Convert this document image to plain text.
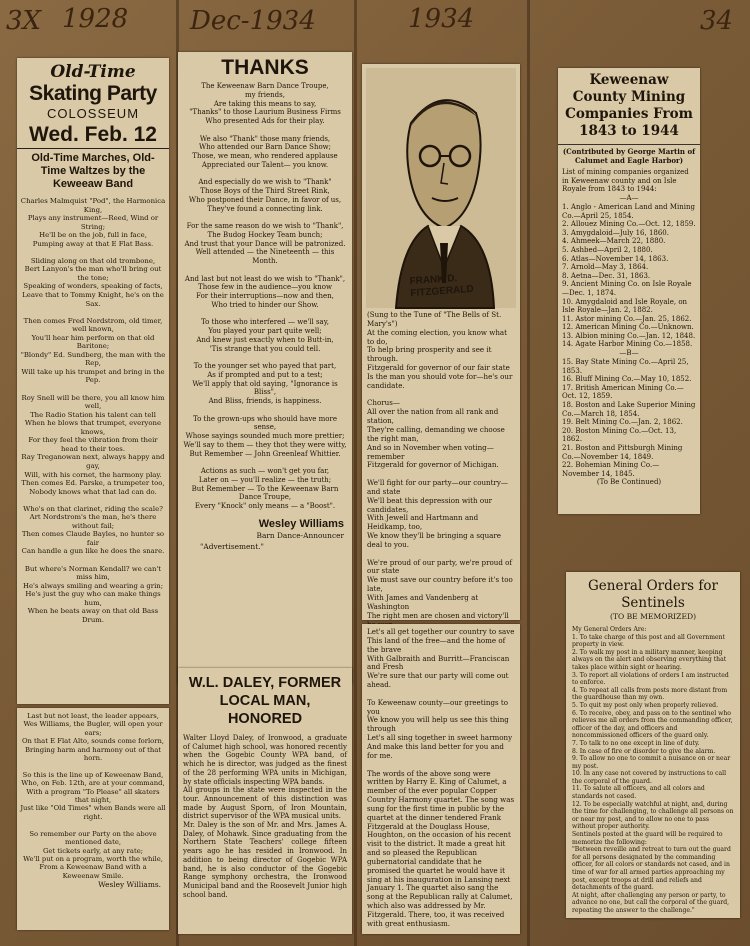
3X 1928 Dec-1934	1934	34

Old-Time

Skating Party

COLOSSEUM

Wed. Feb. 12

Old-Time Marches, Old-Time Waltzes by the Keweeaw Band

Charles Malmquist "Pod", the Harmonica King,
Plays any instrument—Reed, Wind or String;
He'll be on the job, full in face,
Pumping away at that E Flat Bass.

Sliding along on that old trombone,
Bert Lanyon's the man who'll bring out the tone;
Speaking of wonders, speaking of facts,
Leave that to Tommy Knight, he's on the Sax.

Then comes Fred Nordstrom, old timer, well known,
You'll hear him perform on that old Baritone;
"Blondy" Ed. Sundberg, the man with the Rep,
Will take up his trumpet and bring in the Pep.

Roy Snell will be there, you all know him well,
The Radio Station his talent can tell
When he blows that trumpet, everyone knows,
For they feel the vibration from their head to their toes.
Ray Treganowan next, always happy and gay,
Will, with his cornet, the harmony play.
Then comes Ed. Parske, a trumpeter too,
Nobody knows what that lad can do.

Who's on that clarinet, riding the scale?
Art Nordstrom's the man, he's there without fail;
Then comes Claude Bayles, no hunter so fair
Can handle a gun like he does the snare.

But where's Norman Kendall? we can't miss him,
He's always smiling and wearing a grin;
He's just the guy who can make things hum,
When he beats away on that old Bass Drum.

Last but not least, the leader appears,
Wes Williams, the Bugler, will open your ears;
On that E Flat Alto, sounds come forlorn,
Bringing harm and harmony out of that horn.

So this is the line up of Keweenaw Band,
Who, on Feb. 12th, are at your command,
With a program "To Please" all skaters that night,
Just like "Old Times" when Bands were all right.

So remember our Party on the above mentioned date,
Get tickets early, at any rate;
We'll put on a program, worth the while,
From a Keweenaw Band with a Keweenaw Smile.

Wesley Williams.

THANKS

The Keweenaw Barn Dance Troupe,
my friends,
Are taking this means to say,
"Thanks" to those Laurium Business Firms
Who presented Ads for their play.

We also "Thank" those many friends,
Who attended our Barn Dance Show;
Those, we mean, who rendered applause
Appreciated our Talent— you know.

And especially do we wish to "Thank"
Those Boys of the Third Street Rink,
Who postponed their Dance, in favor of us,
They've found a connecting link.

For the same reason do we wish to "Thank",
The Budog Hockey Team bunch;
And trust that your Dance will be patronized.
Well attended — the Nineteenth — this Month.

And last but not least do we wish to "Thank",
Those few in the audience—you know
For their interruptions—now and then,
Who tried to hinder our Show.

To those who interfered — we'll say,
You played your part quite well;
And knew just exactly when to Butt-in,
'Tis strange that you could tell.

To the younger set who payed that part,
As if prompted and put to a test;
We'll apply that old saying, "Ignorance is Bliss",
And Bliss, friends, is happiness.

To the grown-ups who should have more sense,
Whose sayings sounded much more prettier;
We'll say to them — they thot they were witty,
But Remember — John Greenleaf Whittier.

Actions as such — won't get you far,
Later on — you'll realize — the truth;
But Remember — To the Keweenaw Barn Dance Troupe,
Every "Knock" only means — a "Boost".

Wesley Williams

Barn Dance-Announcer

"Advertisement."

W.L. DALEY, FORMER LOCAL MAN, HONORED

Walter Lloyd Daley, of Ironwood, a graduate of Calumet high school, was honored recently when the Gogebic County WPA band, of which he is director, was judged as the finest of the 28 performing WPA units in Michigan, by state officials inspecting WPA bands.
All groups in the state were inspected in the tour. Announcement of this distinction was made by August Sporn, of Iron Mountain, district supervisor of the WPA musical units.
Mr. Daley is the son of Mr. and Mrs. James A. Daley, of Mohawk. Since graduating from the Northern State Teachers' college fifteen years ago he has resided in Ironwood. In addition to being director of Gogebic WPA band, he is also conductor of the Gogebic Range symphony orchestra, the Ironwood Municipal band and the Roosevelt Junior high school band.

FRANK D.
FITZGERALD

(Sung to the Tune of "The Bells of St. Mary's")
At the coming election, you know what to do,
To help bring prosperity and see it through.
Fitzgerald for governor of our fair state
Is the man you should vote for—he's our candidate.

Chorus—
All over the nation from all rank and station,
They're calling, demanding we choose the right man,
And so in November when voting—remember
Fitzgerald for governor of Michigan.

We'll fight for our party—our country—and state
We'll beat this depression with our candidates,
With Jewell and Hartmann and Heidkamp, too,
We know they'll be bringing a square deal to you.

We're proud of our party, we're proud of our state
We must save our country before it's too late,
With James and Vandenberg at Washington
The right men are chosen and victory'll

Let's all get together our country to save
This land of the free—and the home of the brave
With Galbraith and Burritt—Franciscan and Fresh
We're sure that our party will come out ahead.

To Keweenaw county—our greetings to you
We know you will help us see this thing through
Let's all sing together in sweet harmony
And make this land better for you and for me.

The words of the above song were written by Harry E. King of Calumet, a member of the ever popular Copper Country Harmony quartet. The song was sung for the first time in public by the quartet at the dinner tendered Frank Fitzgerald at the Douglass House, Houghton, on the occasion of his recent visit to the district. It made a great hit and so pleased the Republican gubernatorial candidate that he promised the quartet he would have it sing at his inauguration in Lansing next January 1. The quartet also sang the song at the Republican rally at Calumet, which also was addressed by Mr. Fitzgerald. There, too, it was received with great enthusiasm.

Keweenaw County Mining Companies From 1843 to 1944

(Contributed by George Martin of Calumet and Eagle Harbor)

List of mining companies organized in Keweenaw county and on Isle Royale from 1843 to 1944:

—A—

1. Anglo - American Land and Mining Co.—April 25, 1854.
2. Allouez Mining Co.—Oct. 12, 1859.
3. Amygdaloid—July 16, 1860.
4. Ahmeek—March 22, 1880.
5. Ashbed—April 2, 1880.
6. Atlas—November 14, 1863.
7. Arnold—May 3, 1864.
8. Aetna—Dec. 31, 1863.
9. Ancient Mining Co. on Isle Royale—Dec. 1, 1874.
10. Amygdaloid and Isle Royale, on Isle Royale—Jan. 2, 1882.
11. Astor mining Co.—Jan. 25, 1862.
12. American Mining Co.—Unknown.
13. Albion mining Co.—Jan. 12, 1848.
14. Agate Harbor Mining Co.—1858.

—B—

15. Bay State Mining Co.—April 25, 1853.
16. Bluff Mining Co.—May 10, 1852.
17. British American Mining Co.—Oct. 12, 1859.
18. Boston and Lake Superior Mining Co.—March 18, 1854.
19. Belt Mining Co.—Jan. 2, 1862.
20. Boston Mining Co.—Oct. 13, 1862.
21. Boston and Pittsburgh Mining Co.—November 14, 1849.
22. Bohemian Mining Co.—November 14, 1845.

(To Be Continued)

General Orders for Sentinels

(TO BE MEMORIZED)

My General Orders Are:
1. To take charge of this post and all Government property in view.
2. To walk my post in a military manner, keeping always on the alert and observing everything that takes place within sight or hearing.
3. To report all violations of orders I am instructed to enforce.
4. To repeat all calls from posts more distant from the guardhouse than my own.
5. To quit my post only when properly relieved.
6. To receive, obey, and pass on to the sentinel who relieves me all orders from the commanding officer, officer of the day, and officers and noncommissioned officers of the guard only.
7. To talk to no one except in line of duty.
8. In case of fire or disorder to give the alarm.
9. To allow no one to commit a nuisance on or near my post.
10. In any case not covered by instructions to call the corporal of the guard.
11. To salute all officers, and all colors and standards not cased.
12. To be especially watchful at night, and, during the time for challenging, to challenge all persons on or near my post, and to allow no one to pass without proper authority.
Sentinels posted at the guard will be required to memorize the following:
"Between reveille and retreat to turn out the guard for all persons designated by the commanding officer, for all colors or standards not cased, and in time of war for all armed parties approaching my post, except troops at drill and reliefs and detachments of the guard.
At night, after challenging any person or party, to advance no one, but call the corporal of the guard, repeating the answer to the challenge."
